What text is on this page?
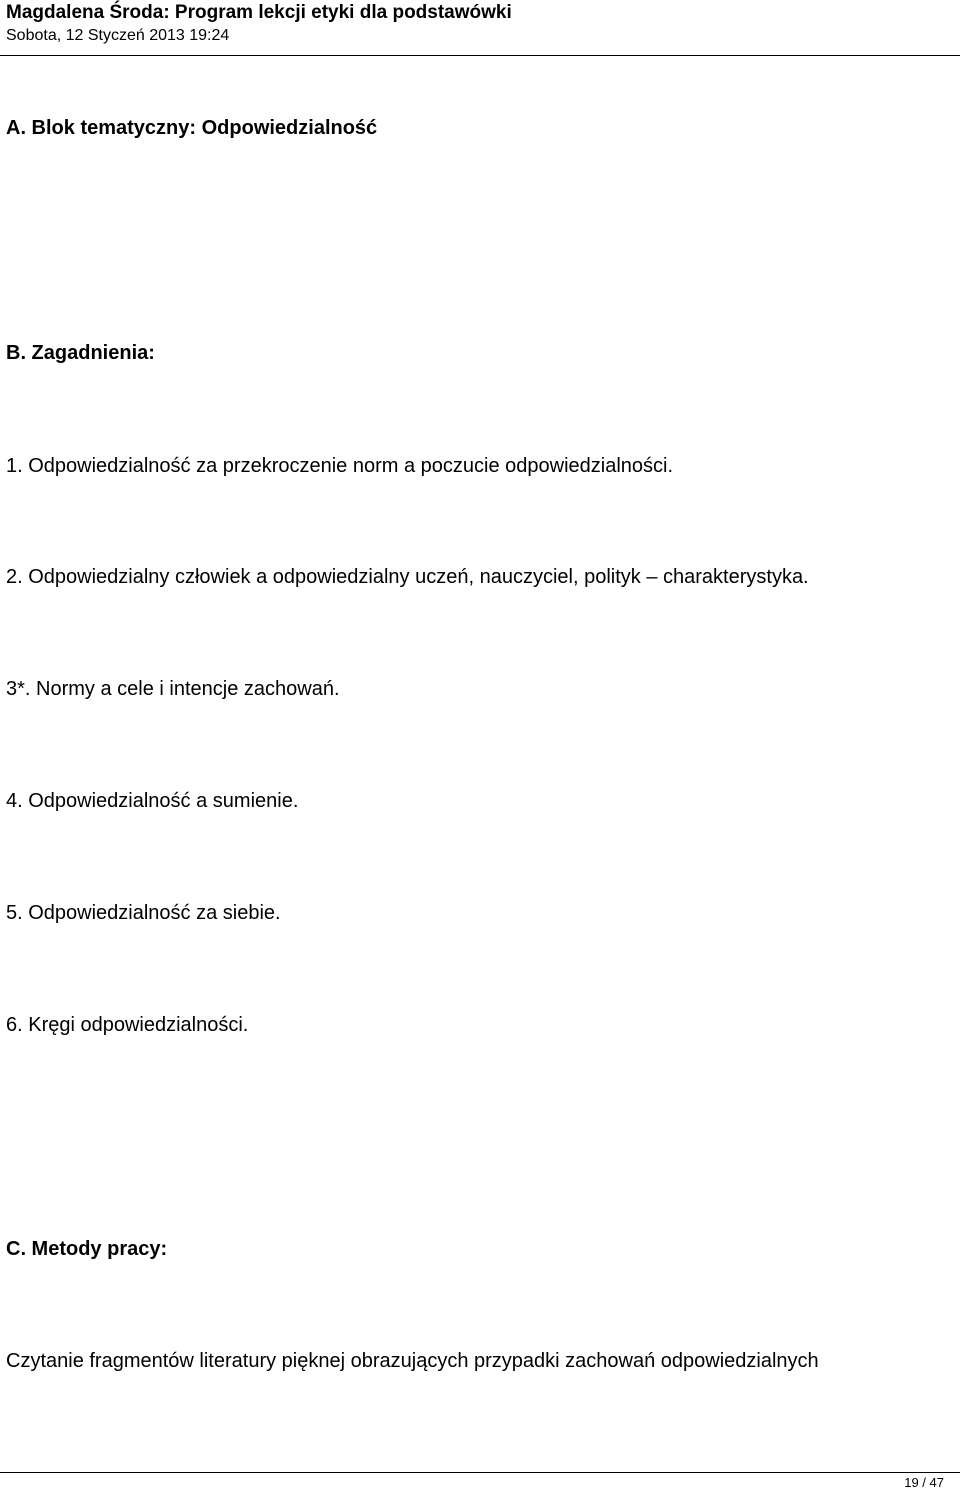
Magdalena Środa: Program lekcji etyki dla podstawówki
Sobota, 12 Styczeń 2013 19:24
A. Blok tematyczny: Odpowiedzialność
B. Zagadnienia:
1. Odpowiedzialność za przekroczenie norm a poczucie odpowiedzialności.
2. Odpowiedzialny człowiek a odpowiedzialny uczeń, nauczyciel, polityk – charakterystyka.
3*. Normy a cele i intencje zachowań.
4. Odpowiedzialność a sumienie.
5. Odpowiedzialność za siebie.
6. Kręgi odpowiedzialności.
C. Metody pracy:
Czytanie fragmentów literatury pięknej obrazujących przypadki zachowań odpowiedzialnych
19 / 47
